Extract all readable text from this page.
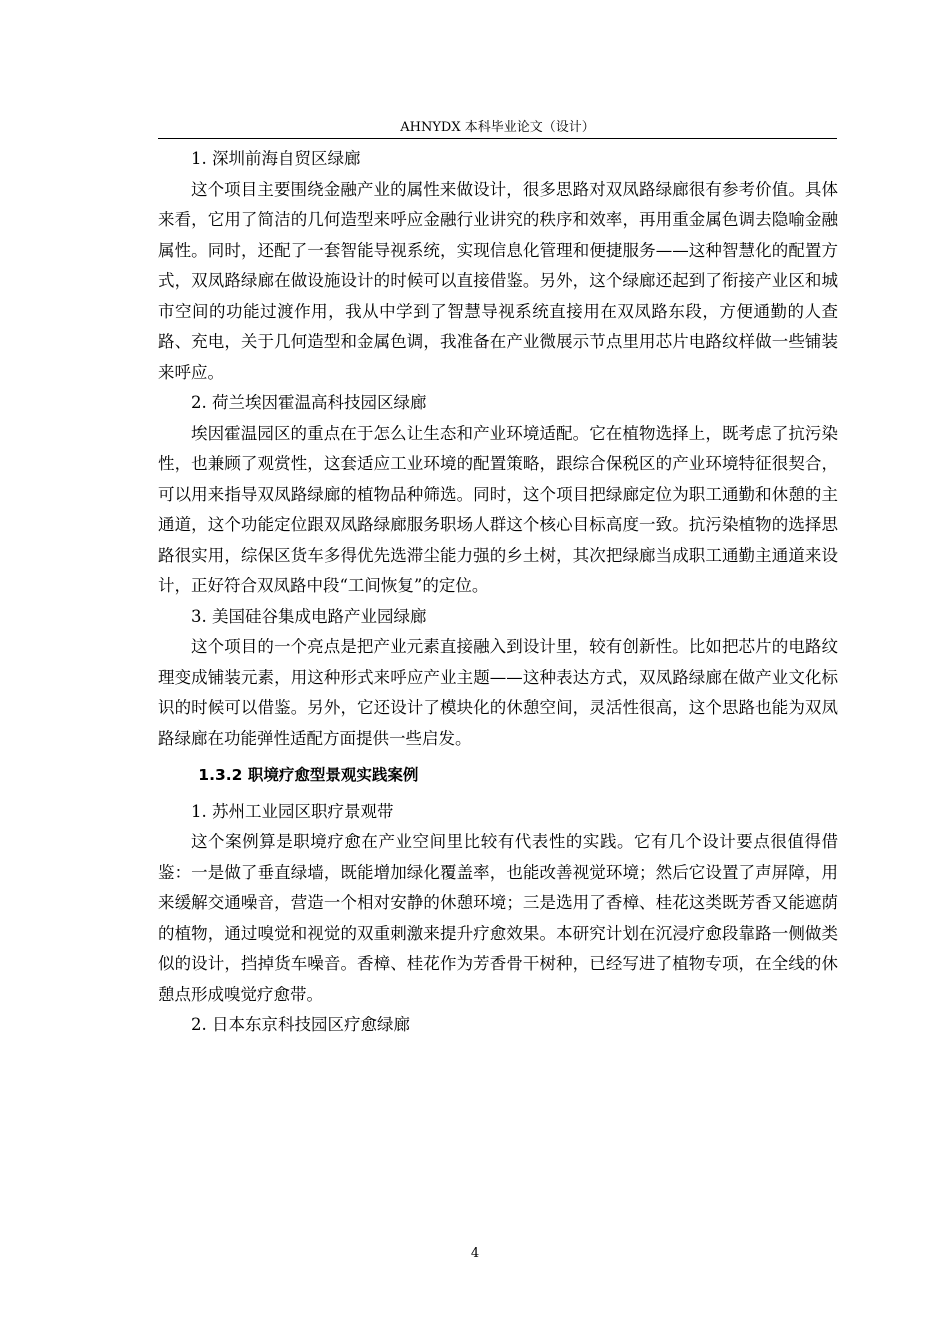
AHNYDX 本科毕业论文（设计）

1. 深圳前海自贸区绿廊

这个项目主要围绕金融产业的属性来做设计，很多思路对双凤路绿廊很有参考价值。具体来看，它用了简洁的几何造型来呼应金融行业讲究的秩序和效率，再用重金属色调去隐喻金融属性。同时，还配了一套智能导视系统，实现信息化管理和便捷服务——这种智慧化的配置方式，双凤路绿廊在做设施设计的时候可以直接借鉴。另外，这个绿廊还起到了衔接产业区和城市空间的功能过渡作用，我从中学到了智慧导视系统直接用在双凤路东段，方便通勤的人查路、充电，关于几何造型和金属色调，我准备在产业微展示节点里用芯片电路纹样做一些铺装来呼应。

2. 荷兰埃因霍温高科技园区绿廊

埃因霍温园区的重点在于怎么让生态和产业环境适配。它在植物选择上，既考虑了抗污染性，也兼顾了观赏性，这套适应工业环境的配置策略，跟综合保税区的产业环境特征很契合，可以用来指导双凤路绿廊的植物品种筛选。同时，这个项目把绿廊定位为职工通勤和休憩的主通道，这个功能定位跟双凤路绿廊服务职场人群这个核心目标高度一致。抗污染植物的选择思路很实用，综保区货车多得优先选滞尘能力强的乡土树，其次把绿廊当成职工通勤主通道来设计，正好符合双凤路中段“工间恢复”的定位。

3. 美国硅谷集成电路产业园绿廊

这个项目的一个亮点是把产业元素直接融入到设计里，较有创新性。比如把芯片的电路纹理变成铺装元素，用这种形式来呼应产业主题——这种表达方式，双凤路绿廊在做产业文化标识的时候可以借鉴。另外，它还设计了模块化的休憩空间，灵活性很高，这个思路也能为双凤路绿廊在功能弹性适配方面提供一些启发。

1.3.2 职境疗愈型景观实践案例

1. 苏州工业园区职疗景观带

这个案例算是职境疗愈在产业空间里比较有代表性的实践。它有几个设计要点很值得借鉴：一是做了垂直绿墙，既能增加绿化覆盖率，也能改善视觉环境；然后它设置了声屏障，用来缓解交通噪音，营造一个相对安静的休憩环境；三是选用了香樟、桂花这类既芳香又能遮荫的植物，通过嗅觉和视觉的双重刺激来提升疗愈效果。本研究计划在沉浸疗愈段靠路一侧做类似的设计，挡掉货车噪音。香樟、桂花作为芳香骨干树种，已经写进了植物专项，在全线的休憩点形成嗅觉疗愈带。

2. 日本东京科技园区疗愈绿廊

4
